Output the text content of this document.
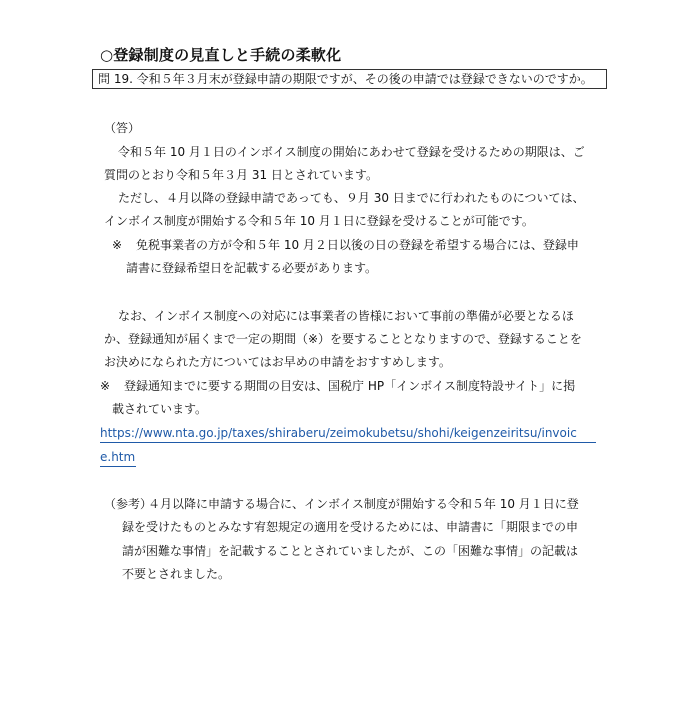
○登録制度の見直しと手続の柔軟化
問 19. 令和５年３月末が登録申請の期限ですが、その後の申請では登録できないのですか。
（答）
令和５年 10 月１日のインボイス制度の開始にあわせて登録を受けるための期限は、ご
質問のとおり令和５年３月 31 日とされています。
ただし、４月以降の登録申請であっても、９月 30 日までに行われたものについては、
インボイス制度が開始する令和５年 10 月１日に登録を受けることが可能です。
※ 免税事業者の方が令和５年 10 月２日以後の日の登録を希望する場合には、登録申
請書に登録希望日を記載する必要があります。
なお、インボイス制度への対応には事業者の皆様において事前の準備が必要となるほ
か、登録通知が届くまで一定の期間（※）を要することとなりますので、登録することを
お決めになられた方についてはお早めの申請をおすすめします。
※ 登録通知までに要する期間の目安は、国税庁 HP「インボイス制度特設サイト」に掲
載されています。
https://www.nta.go.jp/taxes/shiraberu/zeimokubetsu/shohi/keigenzeiritsu/invoic
e.htm
（参考）
４月以降に申請する場合に、インボイス制度が開始する令和５年 10 月１日に登
録を受けたものとみなす宥恕規定の適用を受けるためには、申請書に「期限までの申
請が困難な事情」を記載することとされていましたが、この「困難な事情」の記載は
不要とされました。
